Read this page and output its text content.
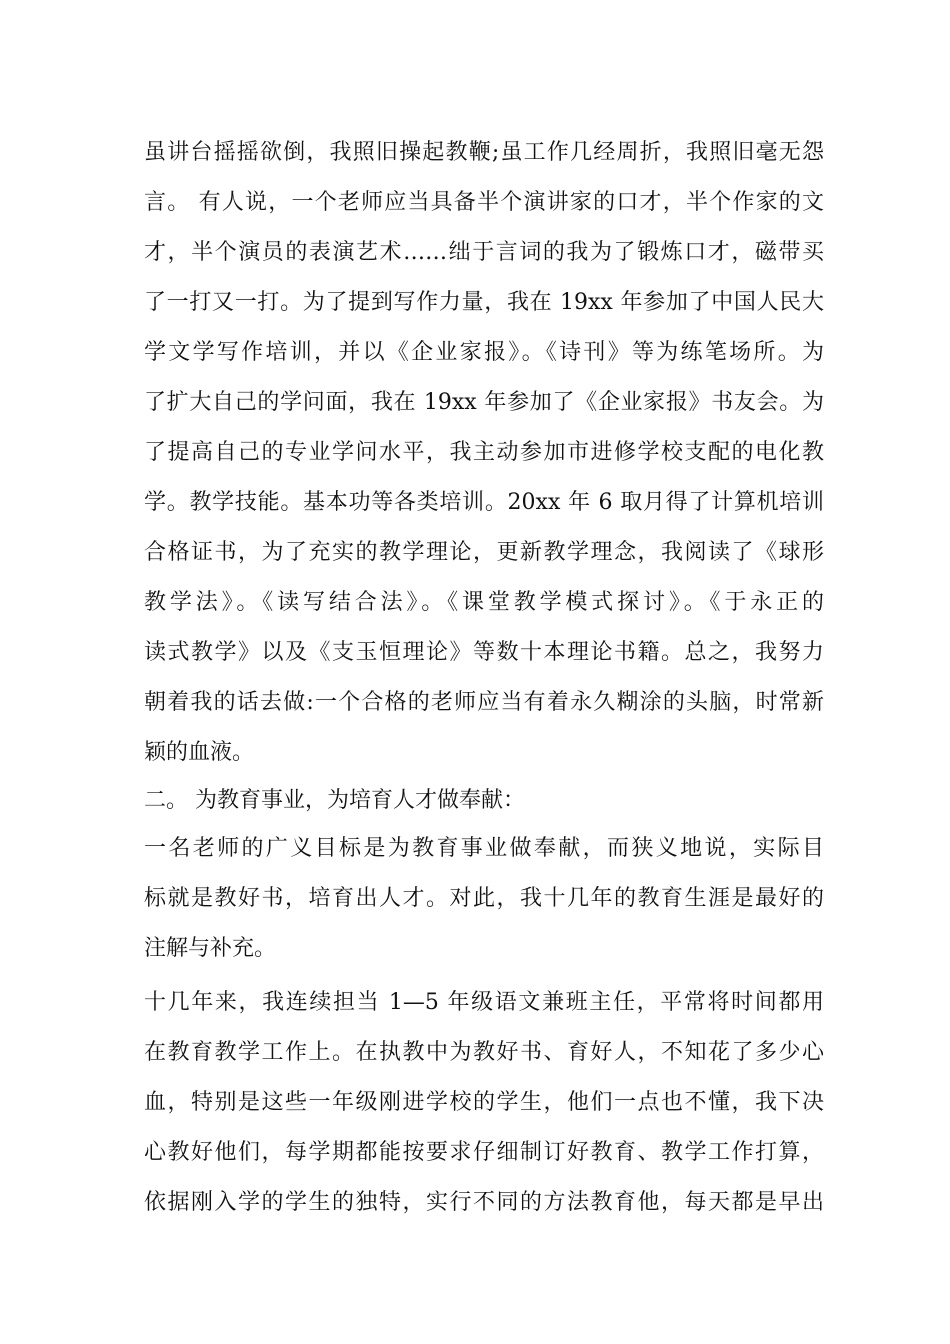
虽讲台摇摇欲倒，我照旧操起教鞭;虽工作几经周折，我照旧毫无怨
言。 有人说，一个老师应当具备半个演讲家的口才，半个作家的文
才，半个演员的表演艺术……绌于言词的我为了锻炼口才，磁带买
了一打又一打。为了提到写作力量，我在 19xx 年参加了中国人民大
学文学写作培训，并以《企业家报》。《诗刊》等为练笔场所。为
了扩大自己的学问面，我在 19xx 年参加了《企业家报》书友会。为
了提高自己的专业学问水平，我主动参加市进修学校支配的电化教
学。教学技能。基本功等各类培训。20xx 年 6 取月得了计算机培训
合格证书，为了充实的教学理论，更新教学理念，我阅读了《球形
教学法》。《读写结合法》。《课堂教学模式探讨》。《于永正的
读式教学》以及《支玉恒理论》等数十本理论书籍。总之，我努力
朝着我的话去做:一个合格的老师应当有着永久糊涂的头脑，时常新
颖的血液。
二。 为教育事业，为培育人才做奉献：
一名老师的广义目标是为教育事业做奉献，而狭义地说，实际目
标就是教好书，培育出人才。对此，我十几年的教育生涯是最好的
注解与补充。
十几年来，我连续担当 1—5 年级语文兼班主任，平常将时间都用
在教育教学工作上。在执教中为教好书、育好人，不知花了多少心
血，特别是这些一年级刚进学校的学生，他们一点也不懂，我下决
心教好他们，每学期都能按要求仔细制订好教育、教学工作打算，
依据刚入学的学生的独特，实行不同的方法教育他，每天都是早出
